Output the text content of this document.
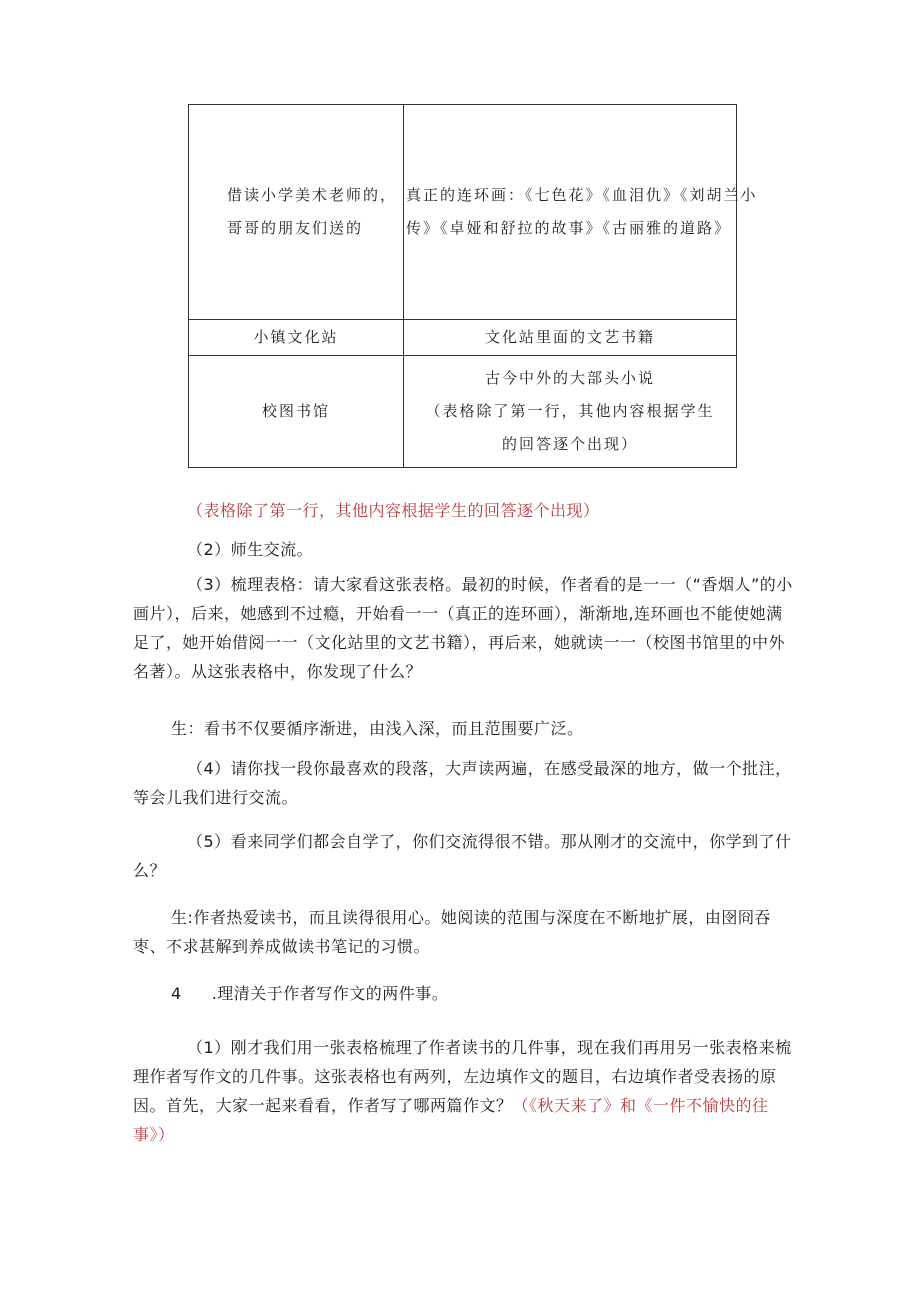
借读小学美术老师的，哥哥的朋友们送的	真正的连环画：《七色花》《血泪仇》《刘胡兰小
传》《卓娅和舒拉的故事》《古丽雅的道路》

小镇文化站	文化站里面的文艺书籍

校图书馆	古今中外的大部头小说
（表格除了第一行，其他内容根据学生
的回答逐个出现）

（表格除了第一行，其他内容根据学生的回答逐个出现）

（2）师生交流。

（3）梳理表格：请大家看这张表格。最初的时候，作者看的是一一（“香烟人”的小画片），后来，她感到不过瘾，开始看一一（真正的连环画），渐渐地,连环画也不能使她满足了，她开始借阅一一（文化站里的文艺书籍），再后来，她就读一一（校图书馆里的中外名著）。从这张表格中，你发现了什么？

生：看书不仅要循序渐进，由浅入深，而且范围要广泛。

（4）请你找一段你最喜欢的段落，大声读两遍，在感受最深的地方，做一个批注，等会儿我们进行交流。

（5）看来同学们都会自学了，你们交流得很不错。那从刚才的交流中，你学到了什么？

生:作者热爱读书，而且读得很用心。她阅读的范围与深度在不断地扩展，由囹冏吞枣、不求甚解到养成做读书笔记的习惯。

4 .理清关于作者写作文的两件事。

（1）刚才我们用一张表格梳理了作者读书的几件事，现在我们再用另一张表格来梳理作者写作文的几件事。这张表格也有两列，左边填作文的题目，右边填作者受表扬的原因。首先，大家一起来看看，作者写了哪两篇作文？（《秋天来了》和《一件不愉快的往事》）
